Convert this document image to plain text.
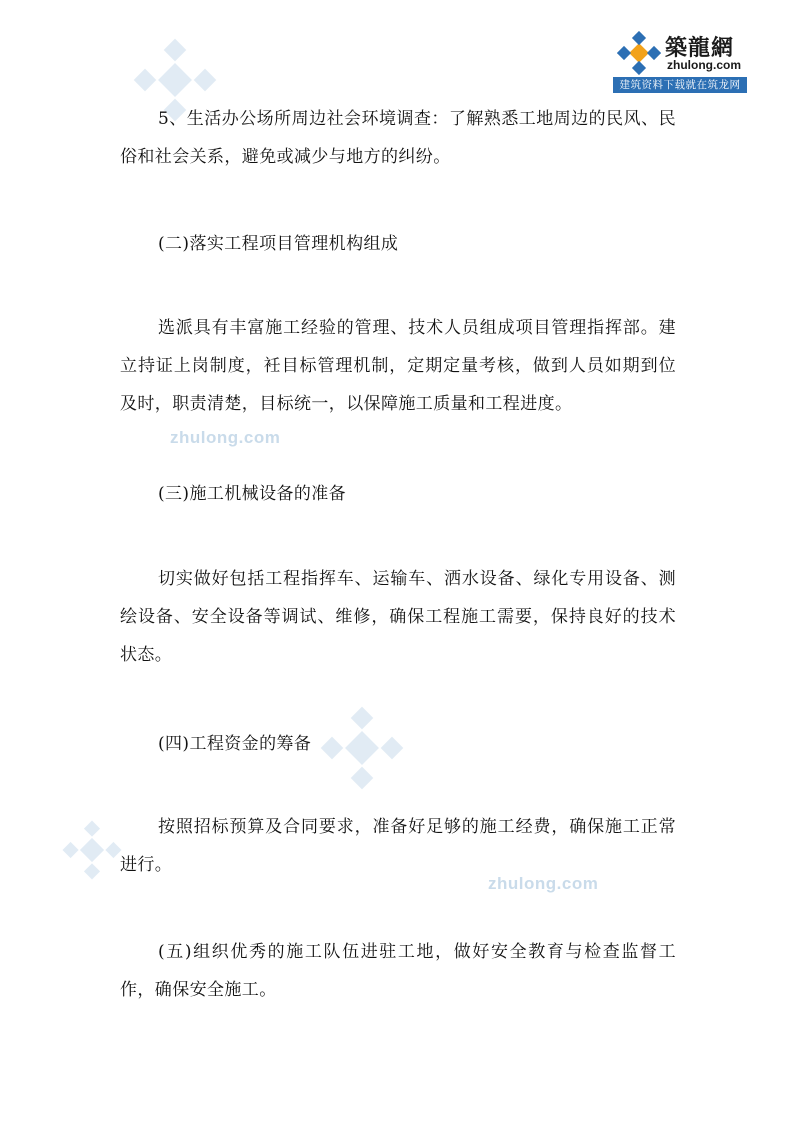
zhulong.com
zhulong.com
築龍網
zhulong.com
建筑资料下载就在筑龙网

5、生活办公场所周边社会环境调查：了解熟悉工地周边的民风、民俗和社会关系，避免或减少与地方的纠纷。

(二)落实工程项目管理机构组成

选派具有丰富施工经验的管理、技术人员组成项目管理指挥部。建立持证上岗制度，衽目标管理机制，定期定量考核，做到人员如期到位及时，职责清楚，目标统一，以保障施工质量和工程进度。

(三)施工机械设备的准备

切实做好包括工程指挥车、运输车、洒水设备、绿化专用设备、测绘设备、安全设备等调试、维修，确保工程施工需要，保持良好的技术状态。

(四)工程资金的筹备

按照招标预算及合同要求，准备好足够的施工经费，确保施工正常进行。

(五)组织优秀的施工队伍进驻工地，做好安全教育与检查监督工作，确保安全施工。
